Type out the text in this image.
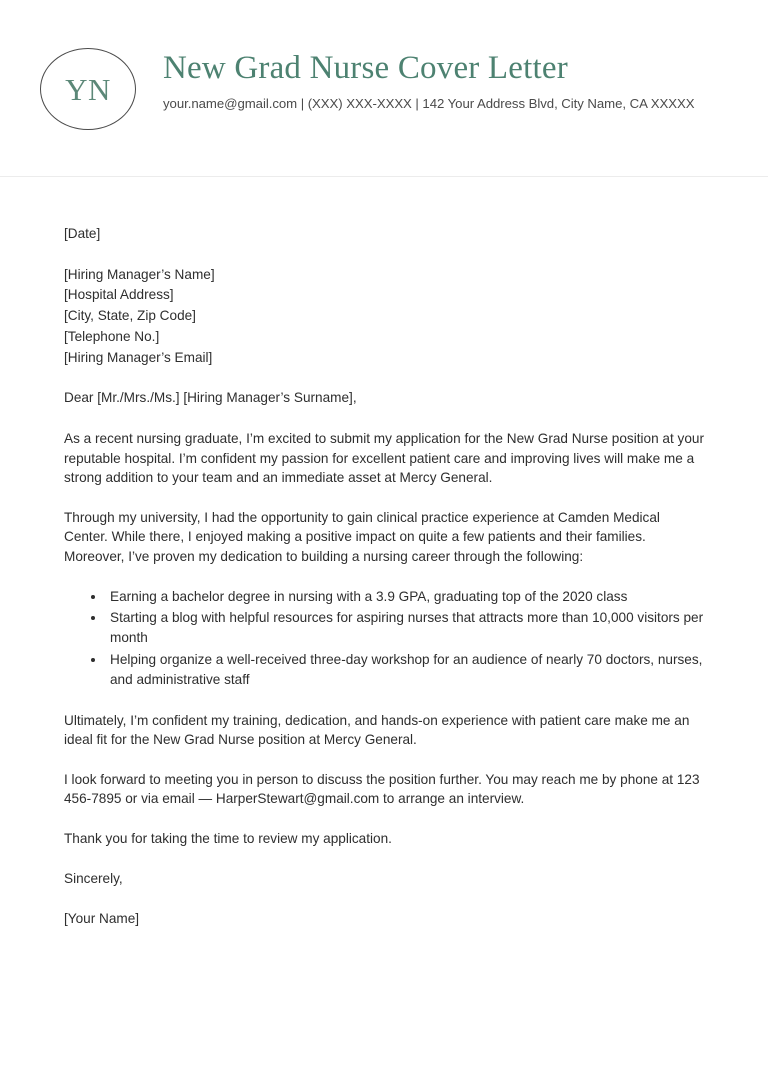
YN
New Grad Nurse Cover Letter
your.name@gmail.com | (XXX) XXX-XXXX | 142 Your Address Blvd, City Name, CA XXXXX
[Date]
[Hiring Manager’s Name]
[Hospital Address]
[City, State, Zip Code]
[Telephone No.]
[Hiring Manager’s Email]
Dear [Mr./Mrs./Ms.] [Hiring Manager’s Surname],

As a recent nursing graduate, I’m excited to submit my application for the New Grad Nurse position at your reputable hospital. I’m confident my passion for excellent patient care and improving lives will make me a strong addition to your team and an immediate asset at Mercy General.

Through my university, I had the opportunity to gain clinical practice experience at Camden Medical Center. While there, I enjoyed making a positive impact on quite a few patients and their families. Moreover, I’ve proven my dedication to building a nursing career through the following:

Earning a bachelor degree in nursing with a 3.9 GPA, graduating top of the 2020 class
Starting a blog with helpful resources for aspiring nurses that attracts more than 10,000 visitors per month
Helping organize a well-received three-day workshop for an audience of nearly 70 doctors, nurses, and administrative staff

Ultimately, I’m confident my training, dedication, and hands-on experience with patient care make me an ideal fit for the New Grad Nurse position at Mercy General.

I look forward to meeting you in person to discuss the position further. You may reach me by phone at 123 456-7895 or via email — HarperStewart@gmail.com to arrange an interview.

Thank you for taking the time to review my application.

Sincerely,
[Your Name]
